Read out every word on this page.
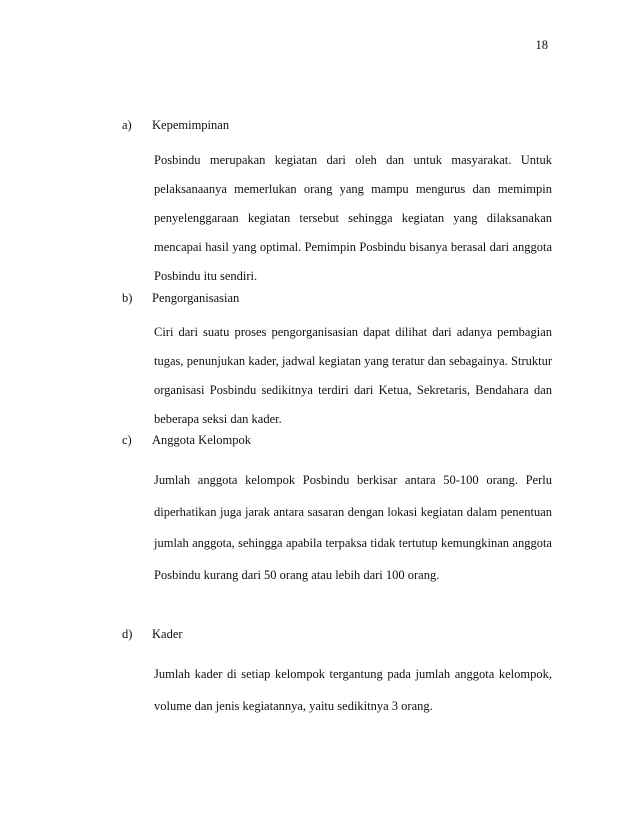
18
a) Kepemimpinan
Posbindu merupakan kegiatan dari oleh dan untuk masyarakat. Untuk pelaksanaanya memerlukan orang yang mampu mengurus dan memimpin penyelenggaraan kegiatan tersebut sehingga kegiatan yang dilaksanakan mencapai hasil yang optimal. Pemimpin Posbindu bisanya berasal dari anggota Posbindu itu sendiri.
b) Pengorganisasian
Ciri dari suatu proses pengorganisasian dapat dilihat dari adanya pembagian tugas, penunjukan kader, jadwal kegiatan yang teratur dan sebagainya. Struktur organisasi Posbindu sedikitnya terdiri dari Ketua, Sekretaris, Bendahara dan beberapa seksi dan kader.
c) Anggota Kelompok
Jumlah anggota kelompok Posbindu berkisar antara 50-100 orang. Perlu diperhatikan juga jarak antara sasaran dengan lokasi kegiatan dalam penentuan jumlah anggota, sehingga apabila terpaksa tidak tertutup kemungkinan anggota Posbindu kurang dari 50 orang atau lebih dari 100 orang.
d) Kader
Jumlah kader di setiap kelompok tergantung pada jumlah anggota kelompok, volume dan jenis kegiatannya, yaitu sedikitnya 3 orang.
